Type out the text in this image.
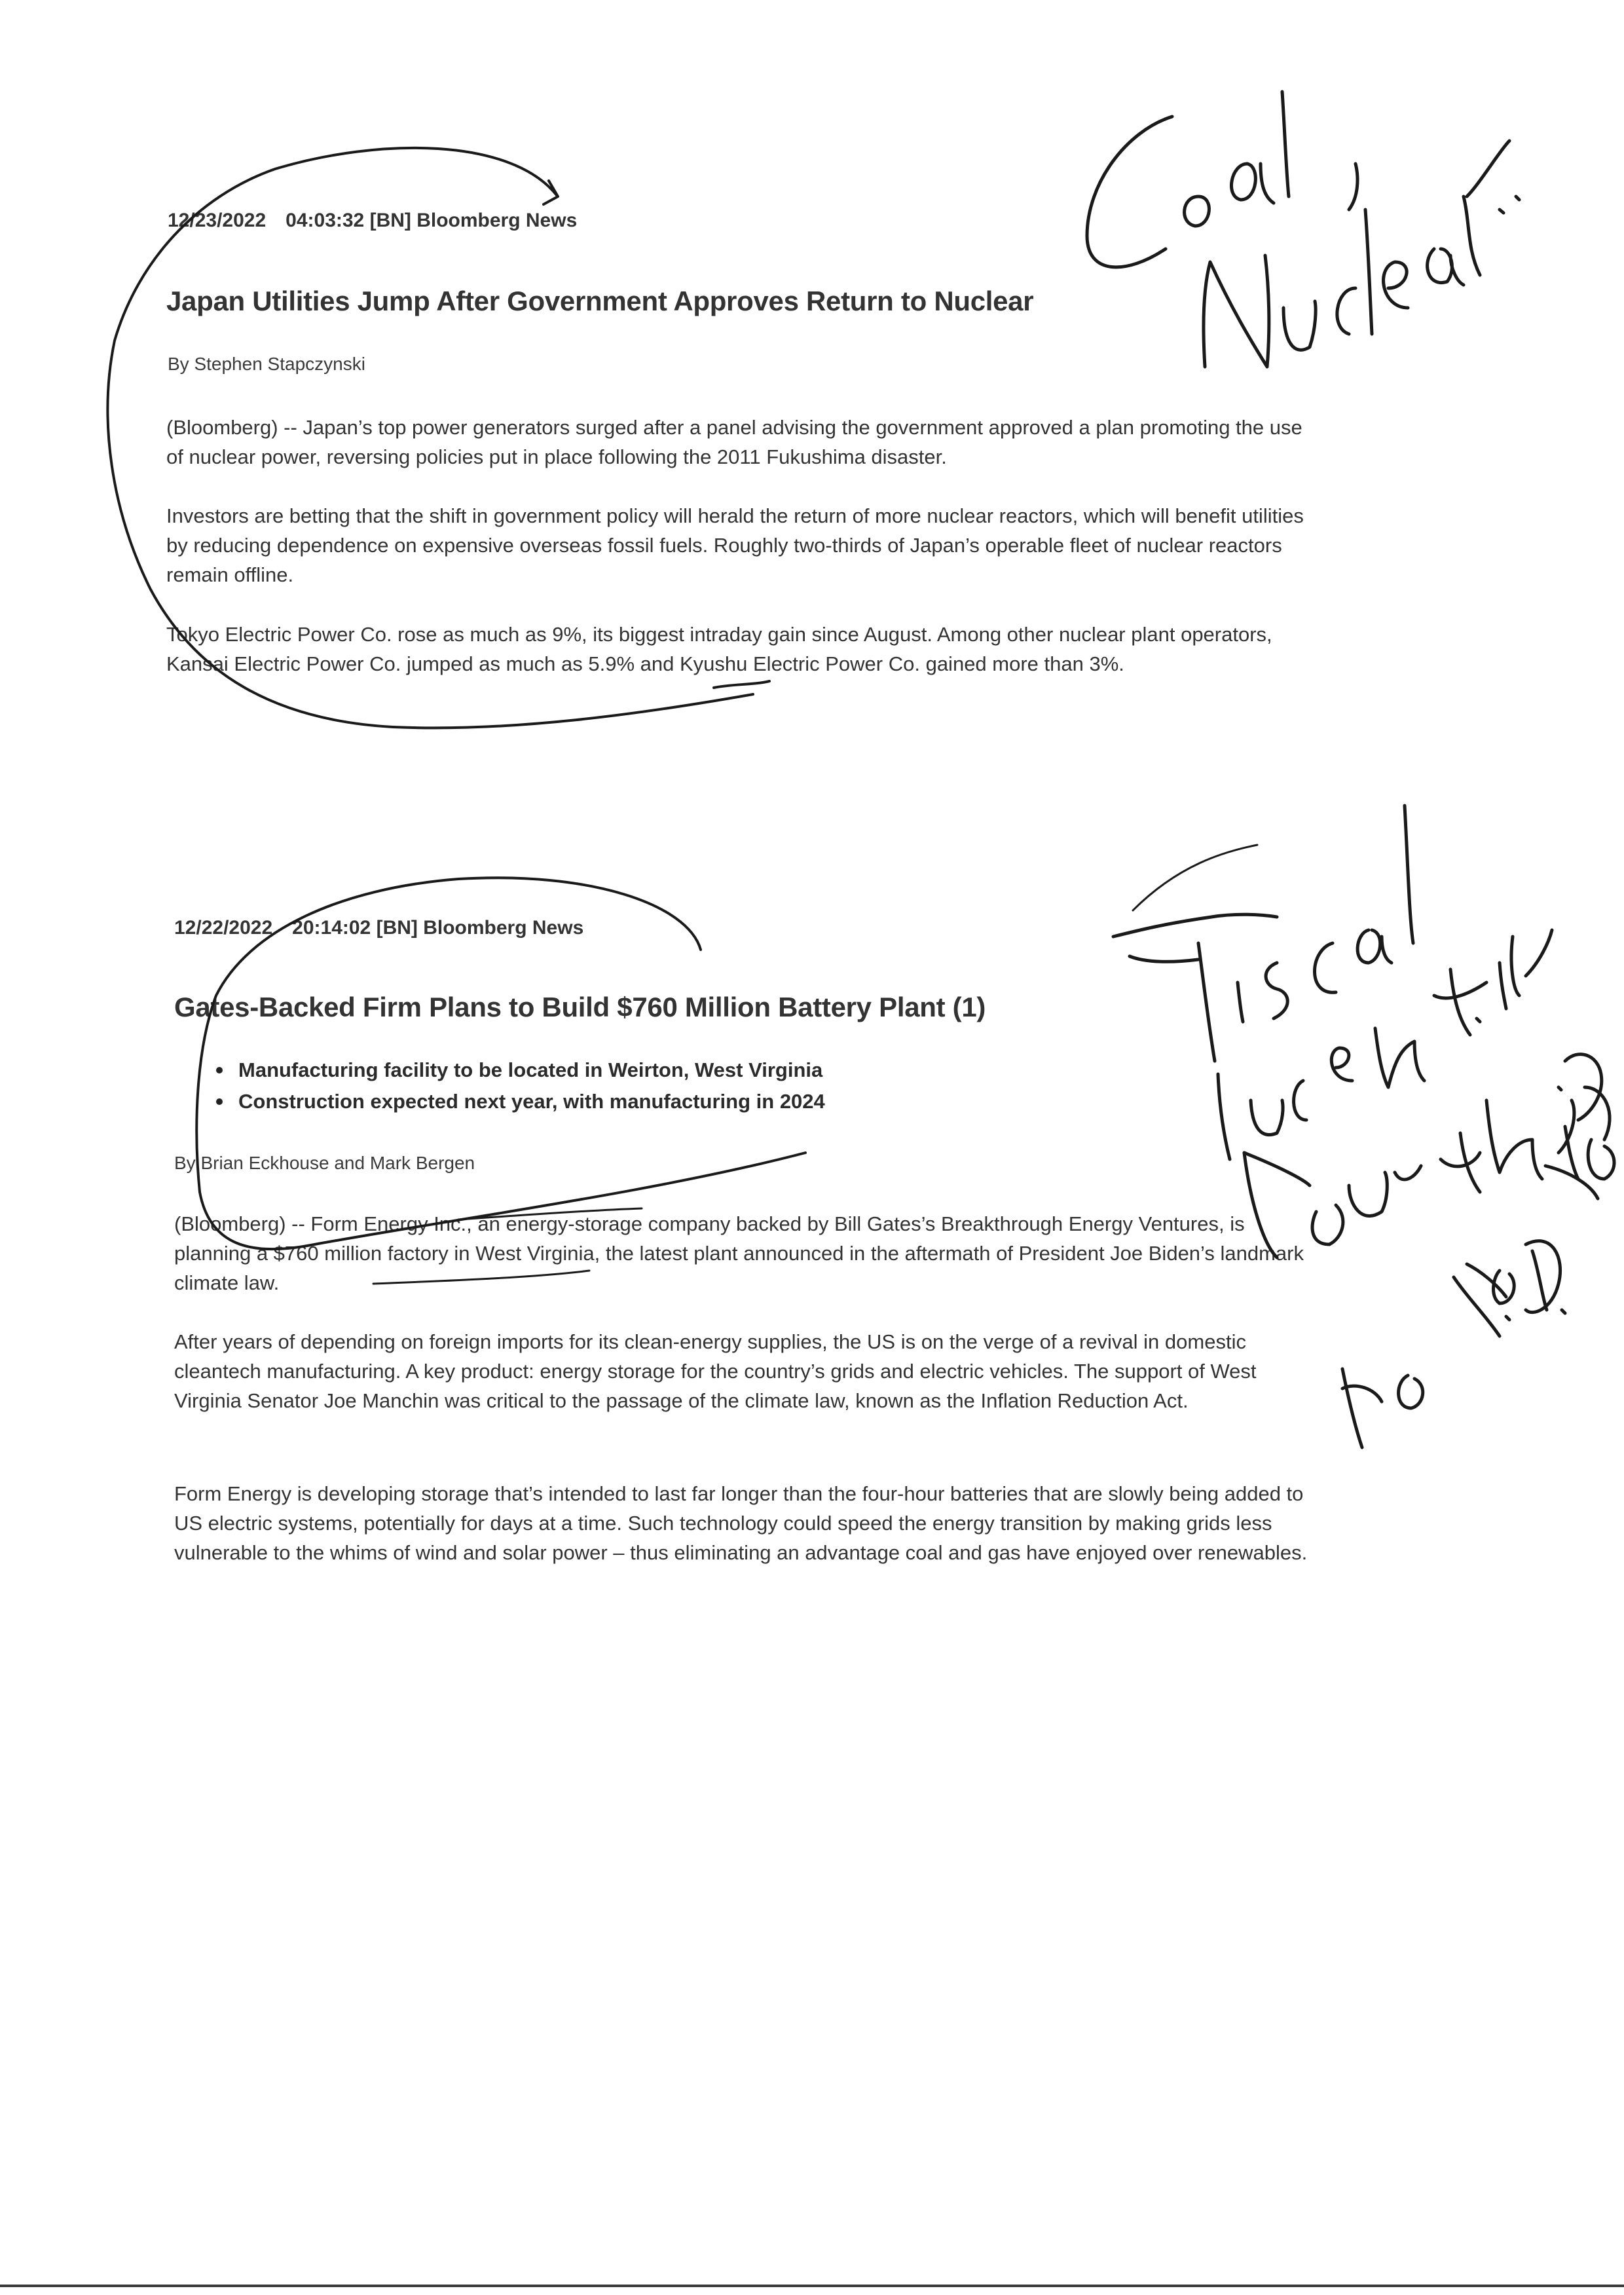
12/23/2022 04:03:32 [BN] Bloomberg News
Japan Utilities Jump After Government Approves Return to Nuclear
By Stephen Stapczynski
(Bloomberg) -- Japan’s top power generators surged after a panel advising the government approved a plan promoting the use of nuclear power, reversing policies put in place following the 2011 Fukushima disaster.
Investors are betting that the shift in government policy will herald the return of more nuclear reactors, which will benefit utilities by reducing dependence on expensive overseas fossil fuels. Roughly two-thirds of Japan’s operable fleet of nuclear reactors remain offline.
Tokyo Electric Power Co. rose as much as 9%, its biggest intraday gain since August. Among other nuclear plant operators, Kansai Electric Power Co. jumped as much as 5.9% and Kyushu Electric Power Co. gained more than 3%.
12/22/2022 20:14:02 [BN] Bloomberg News
Gates-Backed Firm Plans to Build $760 Million Battery Plant (1)
Manufacturing facility to be located in Weirton, West Virginia
Construction expected next year, with manufacturing in 2024
By Brian Eckhouse and Mark Bergen
(Bloomberg) -- Form Energy Inc., an energy-storage company backed by Bill Gates’s Breakthrough Energy Ventures, is planning a $760 million factory in West Virginia, the latest plant announced in the aftermath of President Joe Biden’s landmark climate law.
After years of depending on foreign imports for its clean-energy supplies, the US is on the verge of a revival in domestic cleantech manufacturing. A key product: energy storage for the country’s grids and electric vehicles. The support of West Virginia Senator Joe Manchin was critical to the passage of the climate law, known as the Inflation Reduction Act.
Form Energy is developing storage that’s intended to last far longer than the four-hour batteries that are slowly being added to US electric systems, potentially for days at a time. Such technology could speed the energy transition by making grids less vulnerable to the whims of wind and solar power – thus eliminating an advantage coal and gas have enjoyed over renewables.
